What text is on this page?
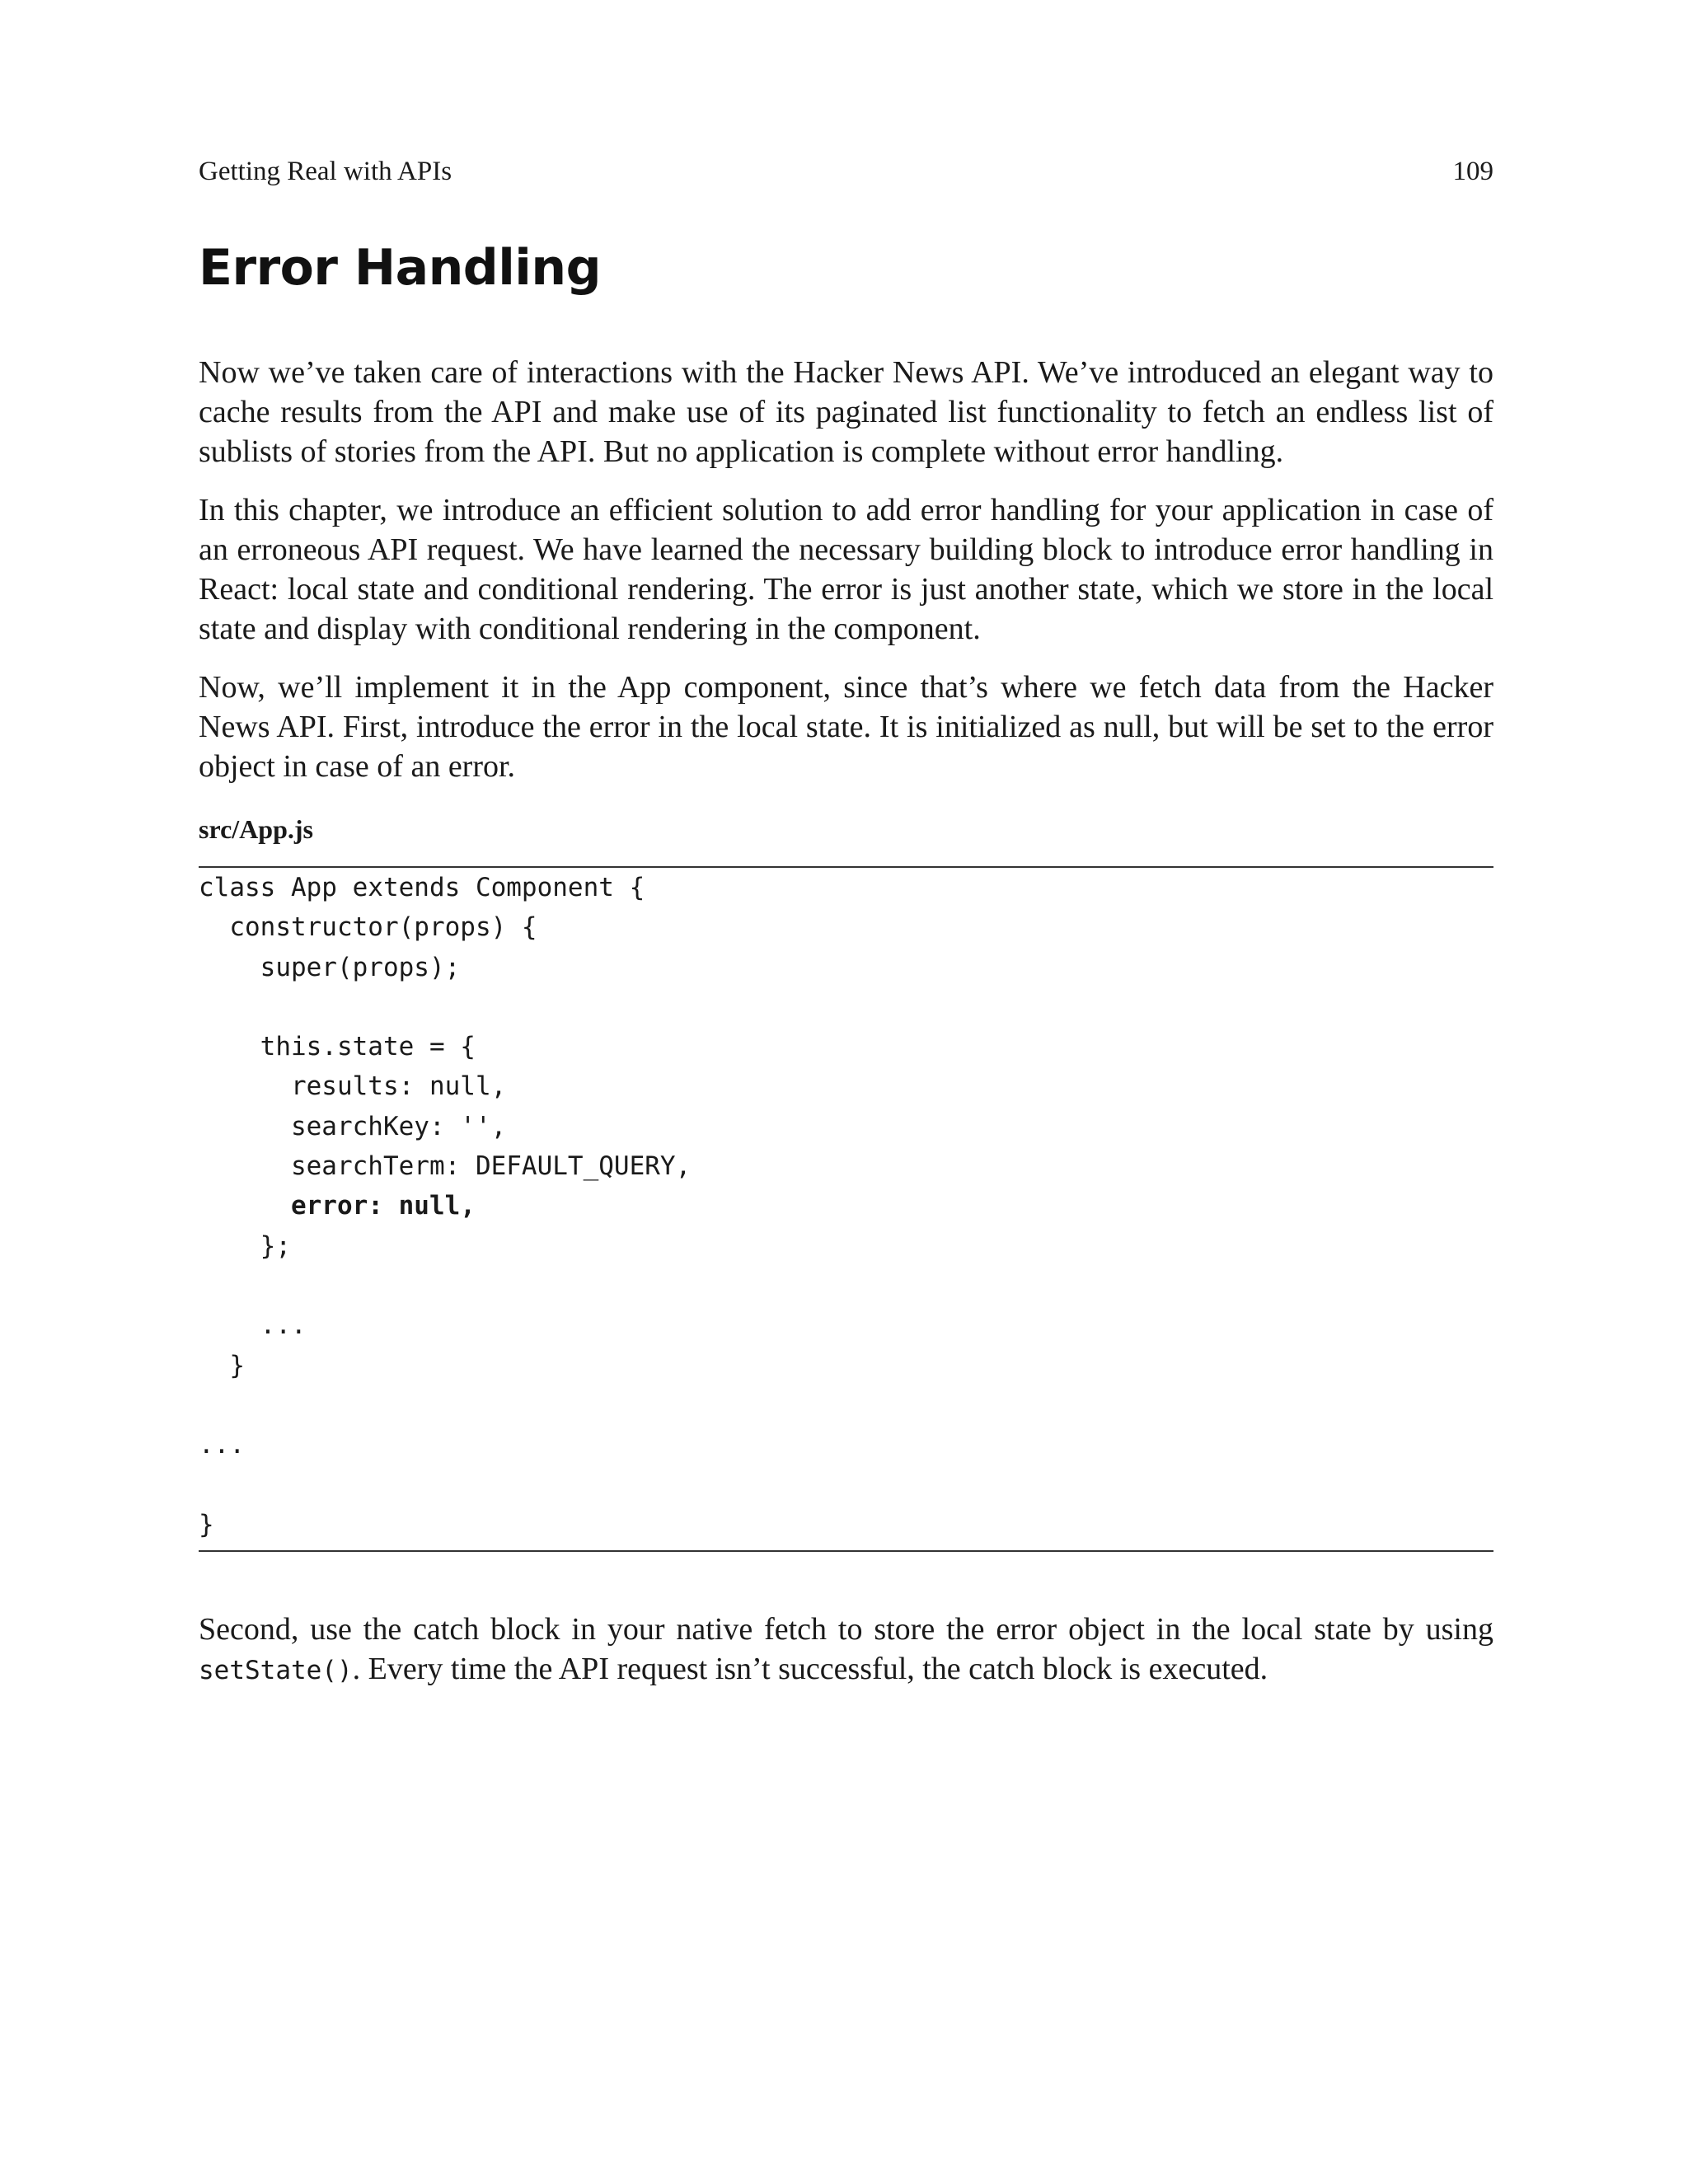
Getting Real with APIs	109
Error Handling

Now we’ve taken care of interactions with the Hacker News API. We’ve introduced an elegant way to cache results from the API and make use of its paginated list functionality to fetch an endless list of sublists of stories from the API. But no application is complete without error handling.

In this chapter, we introduce an efficient solution to add error handling for your application in case of an erroneous API request. We have learned the necessary building block to introduce error handling in React: local state and conditional rendering. The error is just another state, which we store in the local state and display with conditional rendering in the component.

Now, we’ll implement it in the App component, since that’s where we fetch data from the Hacker News API. First, introduce the error in the local state. It is initialized as null, but will be set to the error object in case of an error.

src/App.js

class App extends Component {
constructor(props) {
super(props);
this.state = {
results: null,
searchKey: '',
searchTerm: DEFAULT_QUERY,
error: null,
};
...
}
...
}

Second, use the catch block in your native fetch to store the error object in the local state by using setState(). Every time the API request isn’t successful, the catch block is executed.
